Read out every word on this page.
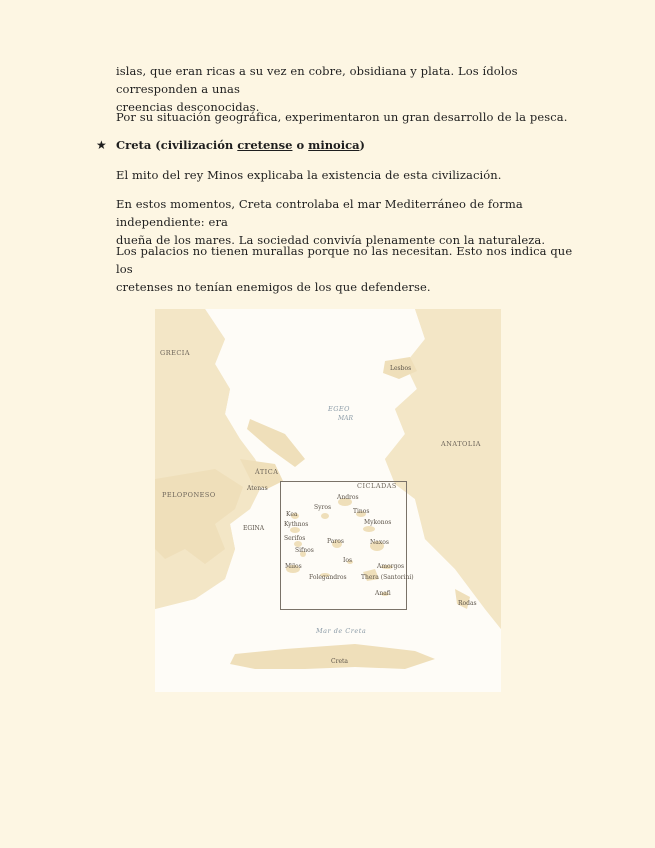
islas, que eran ricas a su vez en cobre, obsidiana y plata. Los ídolos corresponden a unas
creencias desconocidas.

Por su situación geográfica, experimentaron un gran desarrollo de la pesca.

★ Creta (civilización cretense o minoica)

El mito del rey Minos explicaba la existencia de esta civilización.

En estos momentos, Creta controlaba el mar Mediterráneo de forma independiente: era
dueña de los mares. La sociedad convivía plenamente con la naturaleza.

Los palacios no tienen murallas porque no las necesitan. Esto nos indica que los
cretenses no tenían enemigos de los que defenderse.

GRECIA
Lesbos
EGEO
MAR
ANATOLIA
ÁTICA
Atenas
PELOPONESO
EGINA
CICLADAS
Andros
Tinos
Syros
Kea
Kythnos	Mykonos
Serifos	Paros	Naxos
Sifnos
Ios
Milos
Folegandros
Amorgos
Thera (Santorini)
Anafi
Rodas
Mar de Creta
Creta
